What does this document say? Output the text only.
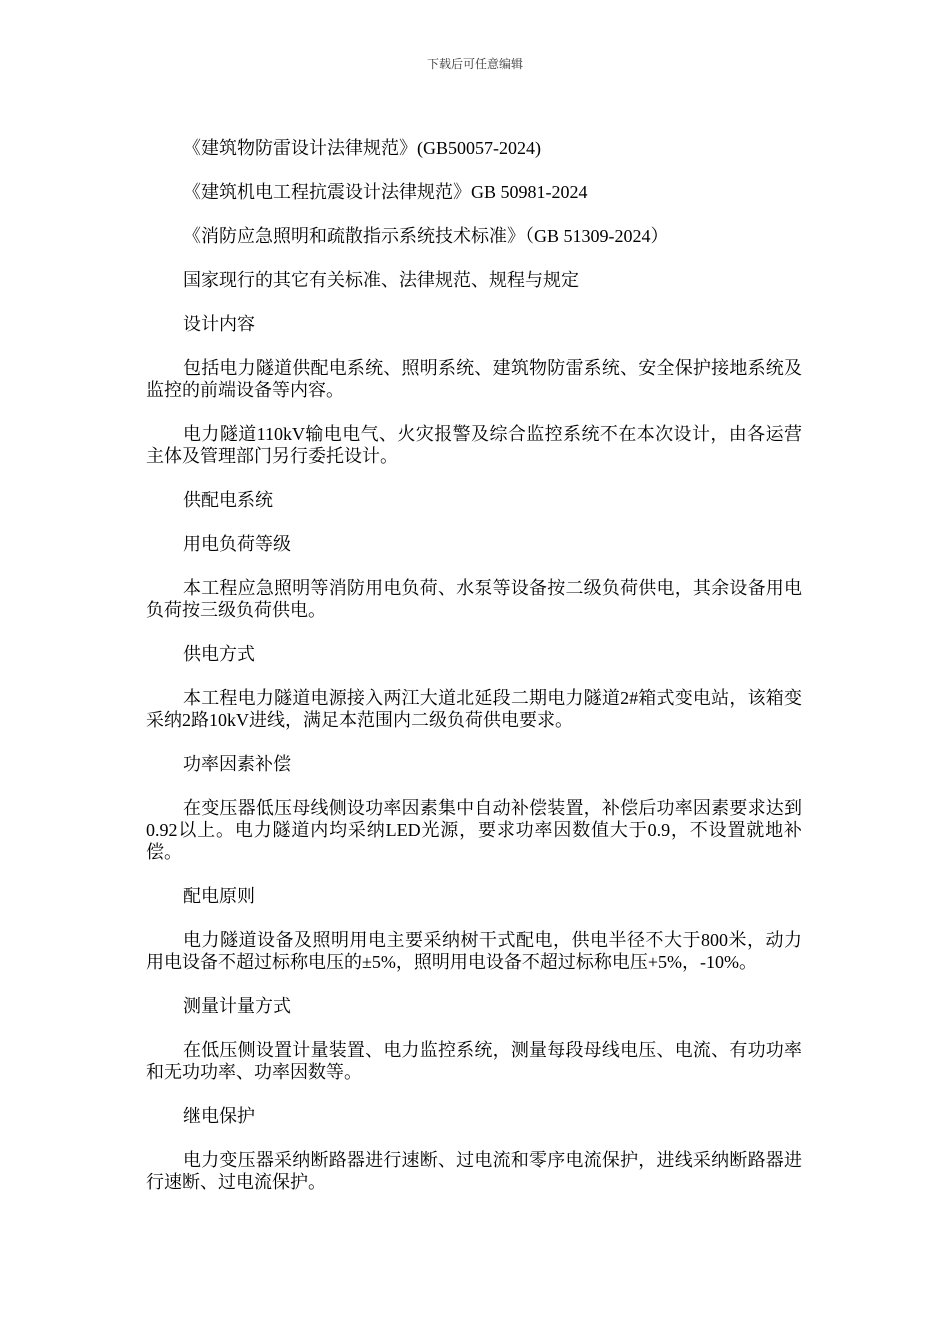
下载后可任意编辑

《建筑物防雷设计法律规范》(GB50057-2024)

《建筑机电工程抗震设计法律规范》GB 50981-2024

《消防应急照明和疏散指示系统技术标准》（GB 51309-2024）

国家现行的其它有关标准、法律规范、规程与规定

设计内容

包括电力隧道供配电系统、照明系统、建筑物防雷系统、安全保护接地系统及监控的前端设备等内容。

电力隧道110kV输电电气、火灾报警及综合监控系统不在本次设计，由各运营主体及管理部门另行委托设计。

供配电系统

用电负荷等级

本工程应急照明等消防用电负荷、水泵等设备按二级负荷供电，其余设备用电负荷按三级负荷供电。

供电方式

本工程电力隧道电源接入两江大道北延段二期电力隧道2#箱式变电站，该箱变采纳2路10kV进线，满足本范围内二级负荷供电要求。

功率因素补偿

在变压器低压母线侧设功率因素集中自动补偿装置，补偿后功率因素要求达到0.92以上。电力隧道内均采纳LED光源，要求功率因数值大于0.9，不设置就地补偿。

配电原则

电力隧道设备及照明用电主要采纳树干式配电，供电半径不大于800米，动力用电设备不超过标称电压的±5%，照明用电设备不超过标称电压+5%，-10%。

测量计量方式

在低压侧设置计量装置、电力监控系统，测量每段母线电压、电流、有功功率和无功功率、功率因数等。

继电保护

电力变压器采纳断路器进行速断、过电流和零序电流保护，进线采纳断路器进行速断、过电流保护。
